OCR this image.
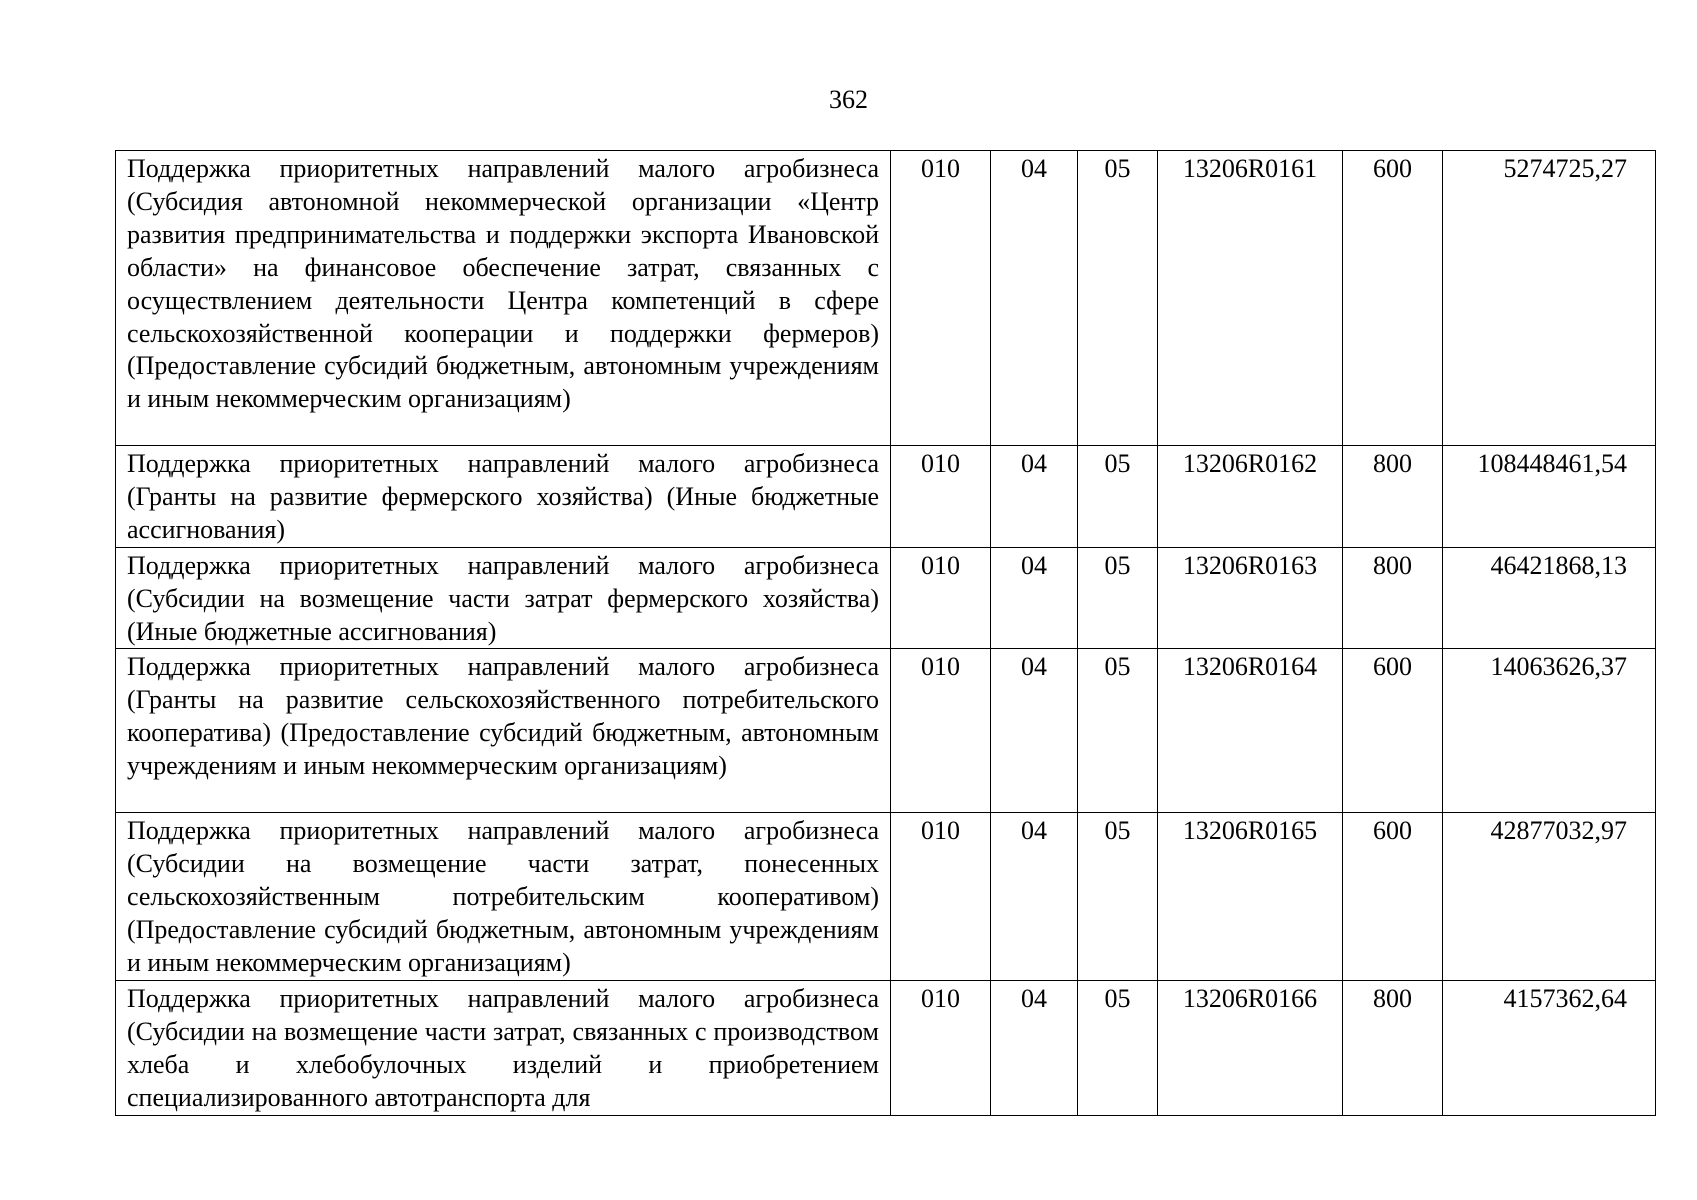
362
Поддержка приоритетных направлений малого агробизнеса (Субсидия автономной некоммерческой организации «Центр развития предпринимательства и поддержки экспорта Ивановской области» на финансовое обеспечение затрат, связанных с осуществлением деятельности Центра компетенций в сфере сельскохозяйственной кооперации и поддержки фермеров) (Предоставление субсидий бюджетным, автономным учреждениям и иным некоммерческим организациям)	010	04	05	13206R0161	600	5274725,27
Поддержка приоритетных направлений малого агробизнеса (Гранты на развитие фермерского хозяйства) (Иные бюджетные ассигнования)	010	04	05	13206R0162	800	108448461,54
Поддержка приоритетных направлений малого агробизнеса (Субсидии на возмещение части затрат фермерского хозяйства) (Иные бюджетные ассигнования)	010	04	05	13206R0163	800	46421868,13
Поддержка приоритетных направлений малого агробизнеса (Гранты на развитие сельскохозяйственного потребительского кооператива) (Предоставление субсидий бюджетным, автономным учреждениям и иным некоммерческим организациям)	010	04	05	13206R0164	600	14063626,37
Поддержка приоритетных направлений малого агробизнеса (Субсидии на возмещение части затрат, понесенных сельскохозяйственным потребительским кооперативом) (Предоставление субсидий бюджетным, автономным учреждениям и иным некоммерческим организациям)	010	04	05	13206R0165	600	42877032,97
Поддержка приоритетных направлений малого агробизнеса (Субсидии на возмещение части затрат, связанных с производством хлеба и хлебобулочных изделий и приобретением специализированного автотранспорта для	010	04	05	13206R0166	800	4157362,64
